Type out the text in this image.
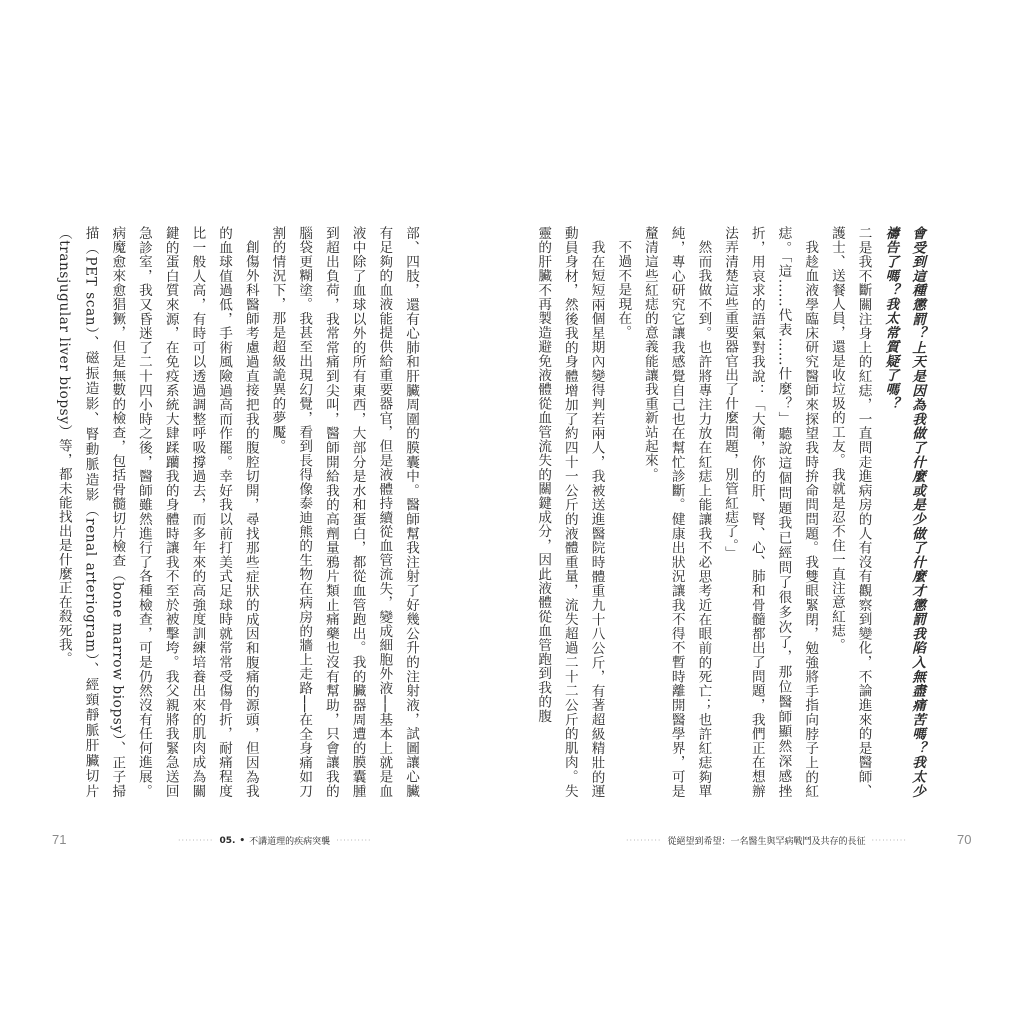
部、四肢，還有心肺和肝臟周圍的膜囊中。醫師幫我注射了好幾公升的注射液，試圖讓心臟有足夠的血液能提供給重要器官，但是液體持續從血管流失，變成細胞外液──基本上就是血液中除了血球以外的所有東西，大部分是水和蛋白，都從血管跑出。我的臟器周遭的膜囊腫到超出負荷，我常常痛到尖叫，醫師開給我的高劑量鴉片類止痛藥也沒有幫助，只會讓我的腦袋更糊塗。我甚至出現幻覺，看到長得像泰迪熊的生物在病房的牆上走路──在全身痛如刀割的情況下，那是超級詭異的夢魘。

創傷外科醫師考慮過直接把我的腹腔切開，尋找那些症狀的成因和腹痛的源頭，但因為我的血球值過低，手術風險過高而作罷。幸好我以前打美式足球時就常常受傷骨折，耐痛程度比一般人高，有時可以透過調整呼吸撐過去，而多年來的高強度訓練培養出來的肌肉成為關鍵的蛋白質來源，在免疫系統大肆蹂躪我的身體時讓我不至於被擊垮。我父親將我緊急送回急診室，我又昏迷了二十四小時之後，醫師雖然進行了各種檢查，可是仍然沒有任何進展。病魔愈來愈猖獗，但是無數的檢查，包括骨髓切片檢查（bone marrow biopsy）、正子掃描（PET scan）、磁振造影、腎動脈造影（renal arteriogram）、經頸靜脈肝臟切片（transjugular liver biopsy）等，都未能找出是什麼正在殺死我。

71	·········· 05. • 不講道理的疾病突襲 ··········

會受到這種懲罰？上天是因為我做了什麼或是少做了什麼才懲罰我陷入無盡痛苦嗎？我太少禱告了嗎？我太常質疑了嗎？

二是我不斷關注身上的紅痣，一直問走進病房的人有沒有觀察到變化，不論進來的是醫師、護士、送餐人員，還是收垃圾的工友。我就是忍不住一直注意紅痣。

我趁血液學臨床研究醫師來探望我時拚命問問題。我雙眼緊閉，勉強將手指向脖子上的紅痣。「這……代表……什麼？」聽說這個問題我已經問了很多次了，那位醫師顯然深感挫折，用哀求的語氣對我說：「大衛，你的肝、腎、心、肺和骨髓都出了問題，我們正在想辦法弄清楚這些重要器官出了什麼問題，別管紅痣了。」

然而我做不到。也許將專注力放在紅痣上能讓我不必思考近在眼前的死亡；也許紅痣夠單純，專心研究它讓我感覺自己也在幫忙診斷。健康出狀況讓我不得不暫時離開醫學界，可是釐清這些紅痣的意義能讓我重新站起來。

不過不是現在。

我在短短兩個星期內變得判若兩人，我被送進醫院時體重九十八公斤，有著超級精壯的運動員身材，然後我的身體增加了約四十一公斤的液體重量，流失超過二十二公斤的肌肉。失靈的肝臟不再製造避免液體從血管流失的關鍵成分，因此液體從血管跑到我的腹

·········· 從絕望到希望：一名醫生與罕病戰鬥及共存的長征 ··········	70
